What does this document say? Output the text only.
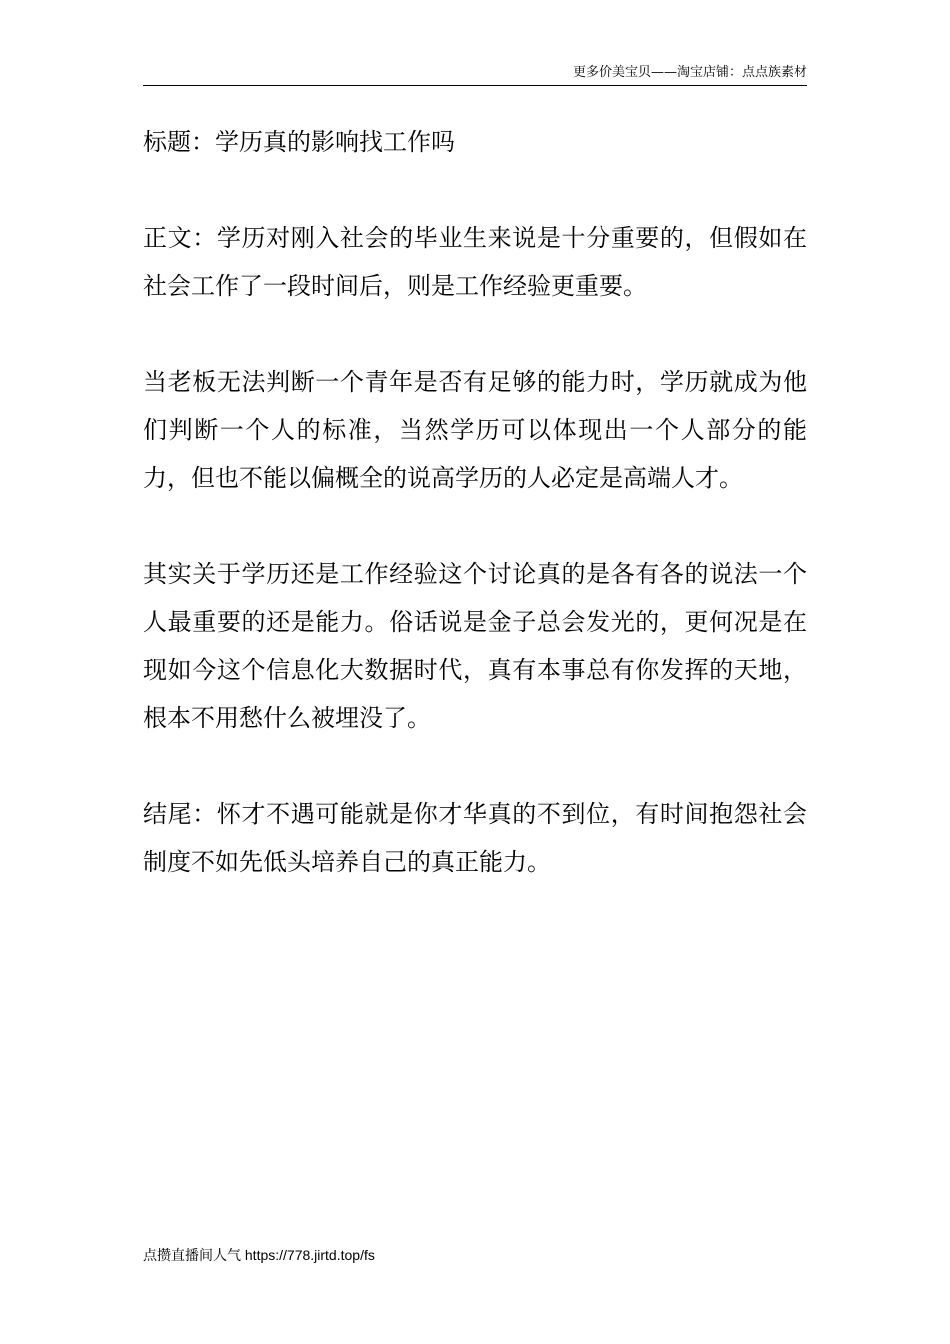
更多价美宝贝——淘宝店铺：点点族素材

标题：学历真的影响找工作吗

正文：学历对刚入社会的毕业生来说是十分重要的，但假如在社会工作了一段时间后，则是工作经验更重要。

当老板无法判断一个青年是否有足够的能力时，学历就成为他们判断一个人的标准，当然学历可以体现出一个人部分的能力，但也不能以偏概全的说高学历的人必定是高端人才。

其实关于学历还是工作经验这个讨论真的是各有各的说法一个人最重要的还是能力。俗话说是金子总会发光的，更何况是在现如今这个信息化大数据时代，真有本事总有你发挥的天地，根本不用愁什么被埋没了。

结尾：怀才不遇可能就是你才华真的不到位，有时间抱怨社会制度不如先低头培养自己的真正能力。

点攒直播间人气 https://778.jirtd.top/fs
